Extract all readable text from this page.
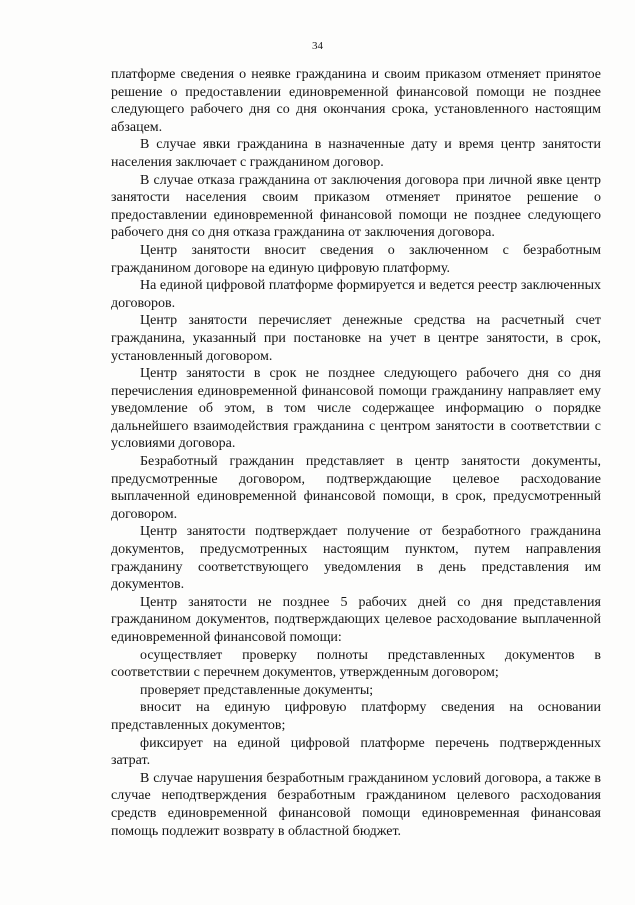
34

платформе сведения о неявке гражданина и своим приказом отменяет принятое решение о предоставлении единовременной финансовой помощи не позднее следующего рабочего дня со дня окончания срока, установленного настоящим абзацем.

В случае явки гражданина в назначенные дату и время центр занятости населения заключает с гражданином договор.

В случае отказа гражданина от заключения договора при личной явке центр занятости населения своим приказом отменяет принятое решение о предоставлении единовременной финансовой помощи не позднее следующего рабочего дня со дня отказа гражданина от заключения договора.

Центр занятости вносит сведения о заключенном с безработным гражданином договоре на единую цифровую платформу.

На единой цифровой платформе формируется и ведется реестр заключенных договоров.

Центр занятости перечисляет денежные средства на расчетный счет гражданина, указанный при постановке на учет в центре занятости, в срок, установленный договором.

Центр занятости в срок не позднее следующего рабочего дня со дня перечисления единовременной финансовой помощи гражданину направляет ему уведомление об этом, в том числе содержащее информацию о порядке дальнейшего взаимодействия гражданина с центром занятости в соответствии с условиями договора.

Безработный гражданин представляет в центр занятости документы, предусмотренные договором, подтверждающие целевое расходование выплаченной единовременной финансовой помощи, в срок, предусмотренный договором.

Центр занятости подтверждает получение от безработного гражданина документов, предусмотренных настоящим пунктом, путем направления гражданину соответствующего уведомления в день представления им документов.

Центр занятости не позднее 5 рабочих дней со дня представления гражданином документов, подтверждающих целевое расходование выплаченной единовременной финансовой помощи:

осуществляет проверку полноты представленных документов в соответствии с перечнем документов, утвержденным договором;

проверяет представленные документы;

вносит на единую цифровую платформу сведения на основании представленных документов;

фиксирует на единой цифровой платформе перечень подтвержденных затрат.

В случае нарушения безработным гражданином условий договора, а также в случае неподтверждения безработным гражданином целевого расходования средств единовременной финансовой помощи единовременная финансовая помощь подлежит возврату в областной бюджет.
